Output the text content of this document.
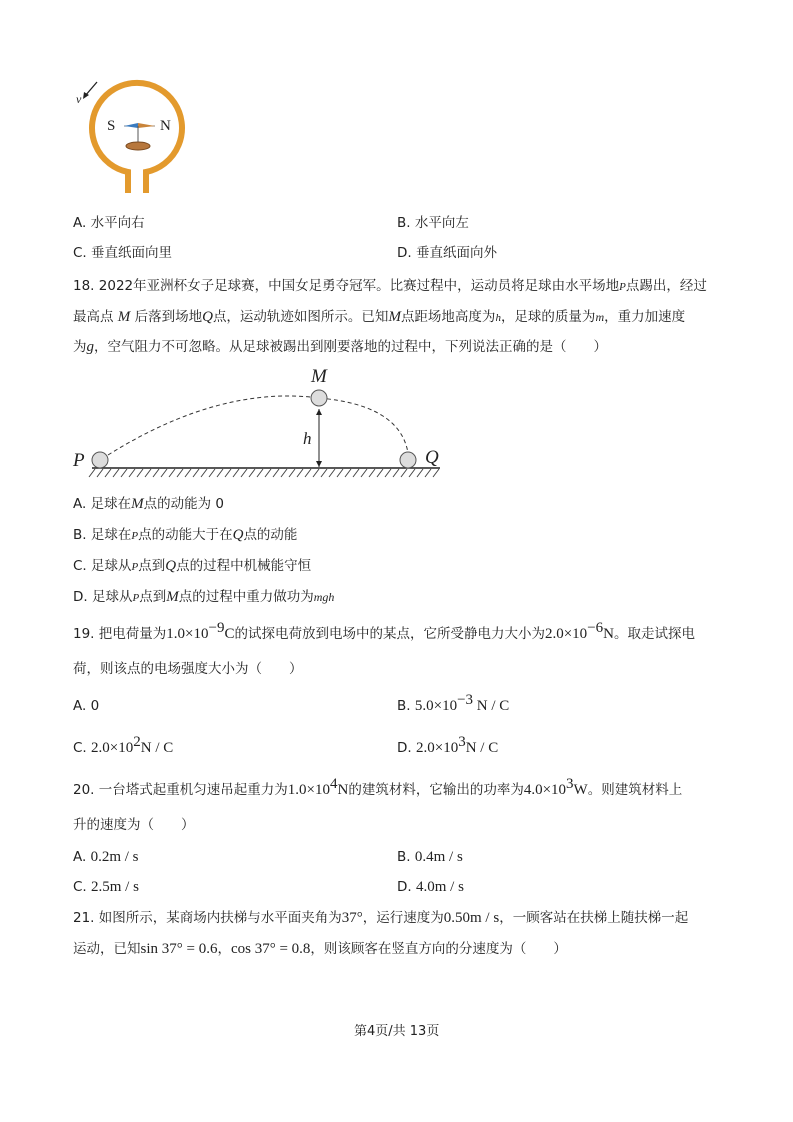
v
S	N
A. 水平向右	B. 水平向左
C. 垂直纸面向里	D. 垂直纸面向外
18. 2022年亚洲杯女子足球赛，中国女足勇夺冠军。比赛过程中，运动员将足球由水平场地P点踢出，经过
最高点 M 后落到场地Q点，运动轨迹如图所示。已知M点距场地高度为h，足球的质量为m，重力加速度
为g，空气阻力不可忽略。从足球被踢出到刚要落地的过程中，下列说法正确的是（　　）
M
h
P	Q
A. 足球在M点的动能为 0
B. 足球在P点的动能大于在Q点的动能
C. 足球从P点到Q点的过程中机械能守恒
D. 足球从P点到M点的过程中重力做功为mgh
19. 把电荷量为$1.0\times 10^{-9}C$的试探电荷放到电场中的某点，它所受静电力大小为$2.0\times 10^{-6}N$。取走试探电
荷，则该点的电场强度大小为（　　）
A. 0	B. $5.0\times 10^{-3}$ N / C
C. $2.0\times 10^2N / C$	D. $2.0\times 10^3N / C$
20. 一台塔式起重机匀速吊起重力为$1.0\times 10^4N$的建筑材料，它输出的功率为$4.0\times 10^3W$。则建筑材料上
升的速度为（　　）
A. 0.2m / s	B. 0.4m / s
C. 2.5m / s	D. 4.0m / s
21. 如图所示，某商场内扶梯与水平面夹角为37°，运行速度为0.50m / s，一顾客站在扶梯上随扶梯一起
运动，已知sin 37° = 0.6，cos 37° = 0.8，则该顾客在竖直方向的分速度为（　　）
第4页/共 13页
